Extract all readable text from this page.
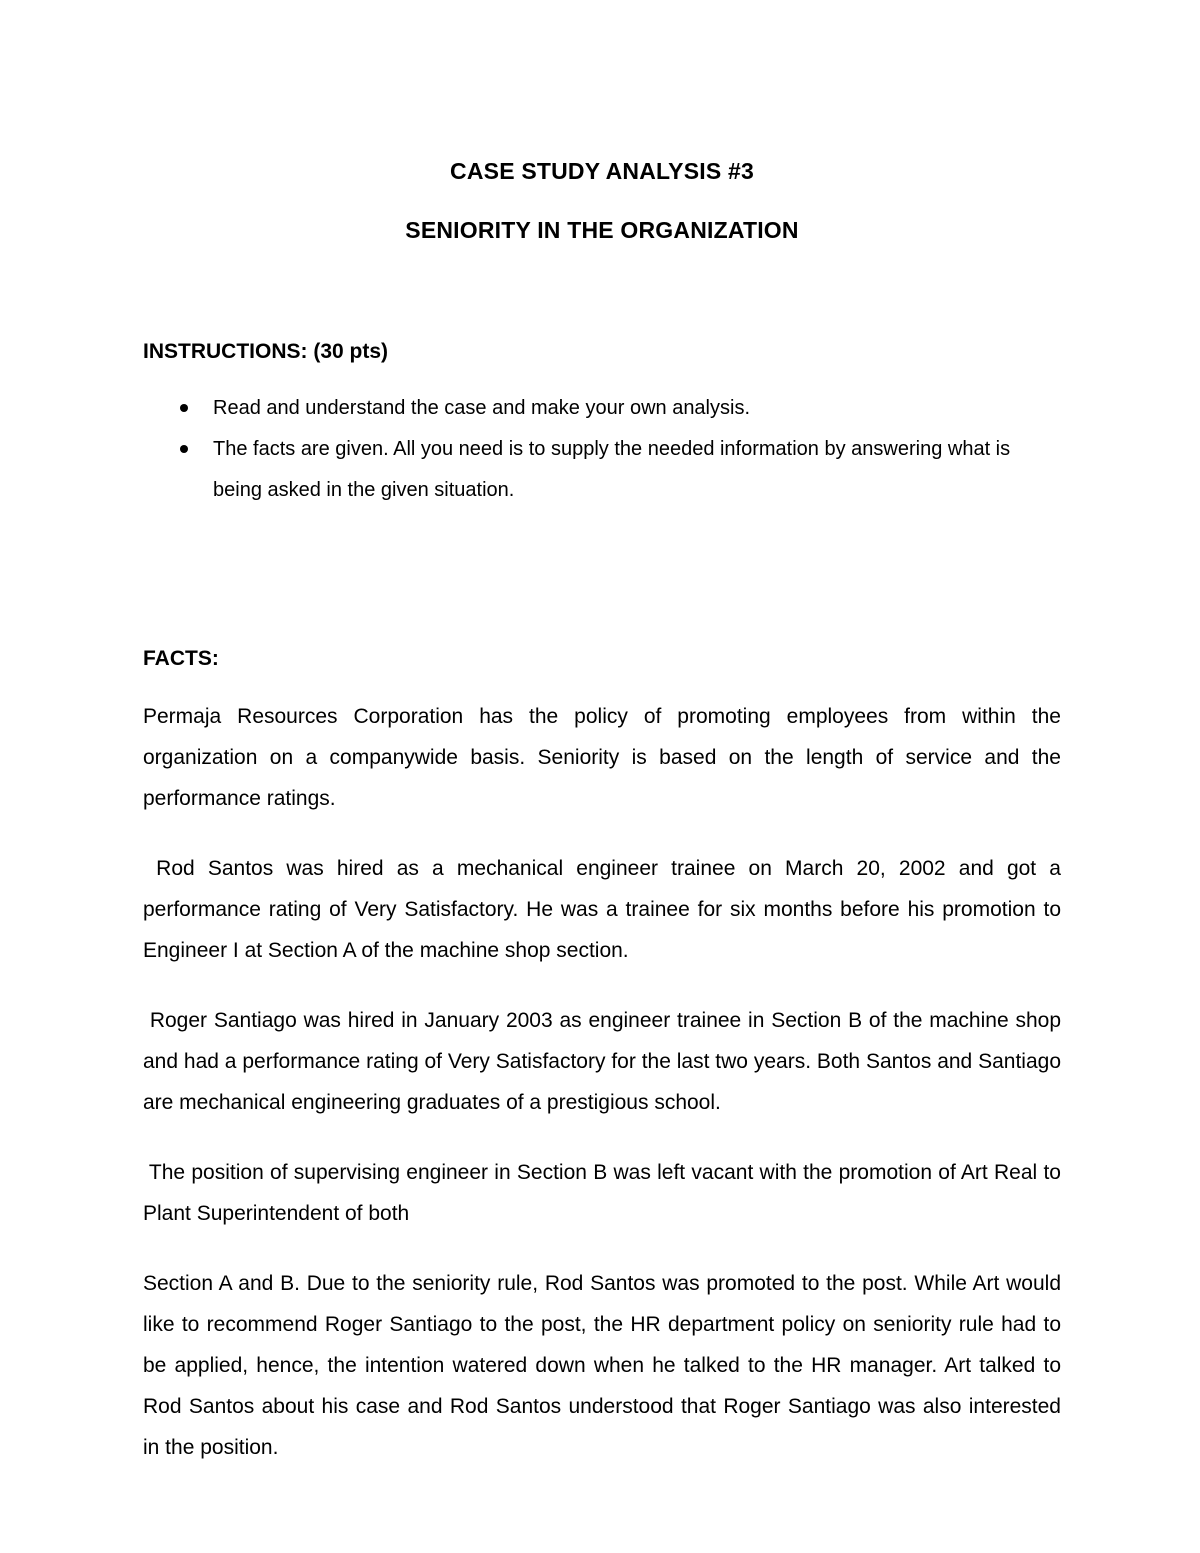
CASE STUDY ANALYSIS #3
SENIORITY IN THE ORGANIZATION
INSTRUCTIONS: (30 pts)
Read and understand the case and make your own analysis.
The facts are given. All you need is to supply the needed information by answering what is being asked in the given situation.
FACTS:

Permaja Resources Corporation has the policy of promoting employees from within the organization on a companywide basis. Seniority is based on the length of service and the performance ratings.

Rod Santos was hired as a mechanical engineer trainee on March 20, 2002 and got a performance rating of Very Satisfactory. He was a trainee for six months before his promotion to Engineer I at Section A of the machine shop section.

Roger Santiago was hired in January 2003 as engineer trainee in Section B of the machine shop and had a performance rating of Very Satisfactory for the last two years. Both Santos and Santiago are mechanical engineering graduates of a prestigious school.

The position of supervising engineer in Section B was left vacant with the promotion of Art Real to Plant Superintendent of both

Section A and B. Due to the seniority rule, Rod Santos was promoted to the post. While Art would like to recommend Roger Santiago to the post, the HR department policy on seniority rule had to be applied, hence, the intention watered down when he talked to the HR manager. Art talked to Rod Santos about his case and Rod Santos understood that Roger Santiago was also interested in the position.
